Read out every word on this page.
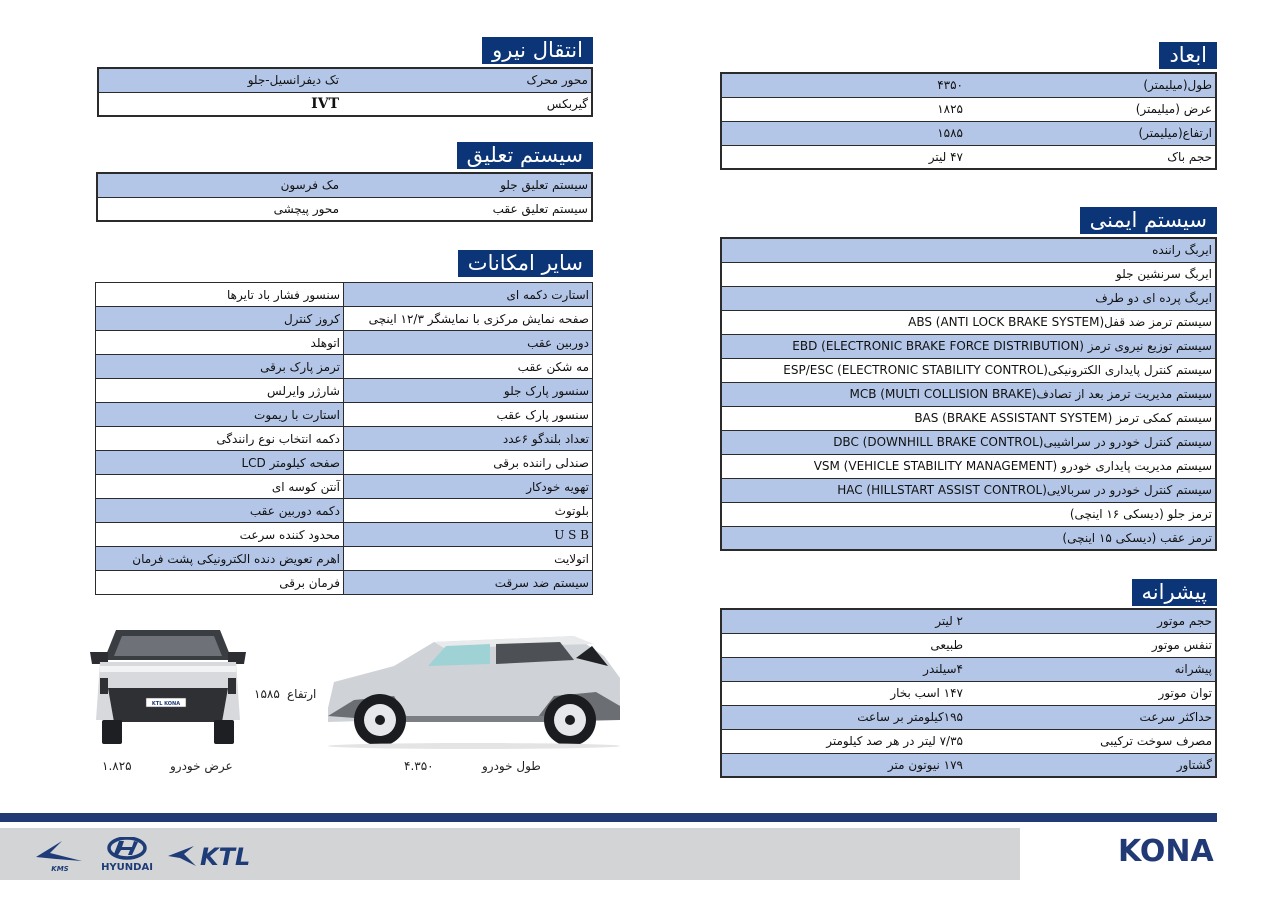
ابعاد
طول(میلیمتر)	۴۳۵۰
عرض (میلیمتر)	۱۸۲۵
ارتفاع(میلیمتر)	۱۵۸۵
حجم باک	۴۷ لیتر
سیستم ایمنی
ایربگ راننده
ایربگ سرنشین جلو
ایربگ پرده ای دو طرف
سیستم ترمز ضد قفل(ABS (ANTI LOCK BRAKE SYSTEM
سیستم توزیع نیروی ترمز (EBD (ELECTRONIC BRAKE FORCE DISTRIBUTION
سیستم کنترل پایداری الکترونیکی(ESP/ESC (ELECTRONIC STABILITY CONTROL
سیستم مدیریت ترمز بعد از تصادف(MCB (MULTI COLLISION BRAKE
سیستم کمکی ترمز (BAS (BRAKE ASSISTANT SYSTEM
سیستم کنترل خودرو در سراشیبی(DBC (DOWNHILL BRAKE CONTROL
سیستم مدیریت پایداری خودرو (VSM (VEHICLE STABILITY MANAGEMENT
سیستم کنترل خودرو در سربالایی(HAC (HILLSTART ASSIST CONTROL
ترمز جلو (دیسکی ۱۶ اینچی)
ترمز عقب (دیسکی ۱۵ اینچی)
پیشرانه
حجم موتور	۲ لیتر
تنفس موتور	طبیعی
پیشرانه	۴سیلندر
توان موتور	۱۴۷ اسب بخار
حداکثر سرعت	۱۹۵کیلومتر بر ساعت
مصرف سوخت ترکیبی	۷/۳۵ لیتر در هر صد کیلومتر
گشتاور	۱۷۹ نیوتون متر
انتقال نیرو
محور محرک	تک دیفرانسیل-جلو
گیربکس	IVT
سیستم تعلیق
سیستم تعلیق جلو	مک فرسون
سیستم تعلیق عقب	محور پیچشی
سایر امکانات
استارت دکمه ای	سنسور فشار باد تایرها
صفحه نمایش مرکزی با نمایشگر ۱۲/۳ اینچی	کروز کنترل
دوربین عقب	اتوهلد
مه شکن عقب	ترمز پارک برقی
سنسور پارک جلو	شارژر وایرلس
سنسور پارک عقب	استارت با ریموت
تعداد بلندگو ۶عدد	دکمه انتخاب نوع رانندگی
صندلی راننده برقی	صفحه کیلومتر LCD
تهویه خودکار	آنتن کوسه ای
بلوتوث	دکمه دوربین عقب
U S B	محدود کننده سرعت
اتولایت	اهرم تعویض دنده الکترونیکی پشت فرمان
سیستم ضد سرقت	فرمان برقی
KTL KONA
ارتفاع
۱۵۸۵
۱.۸۲۵	عرض خودرو	۴.۳۵۰	طول خودرو
KMS	HYUNDAI KTL	KONA
